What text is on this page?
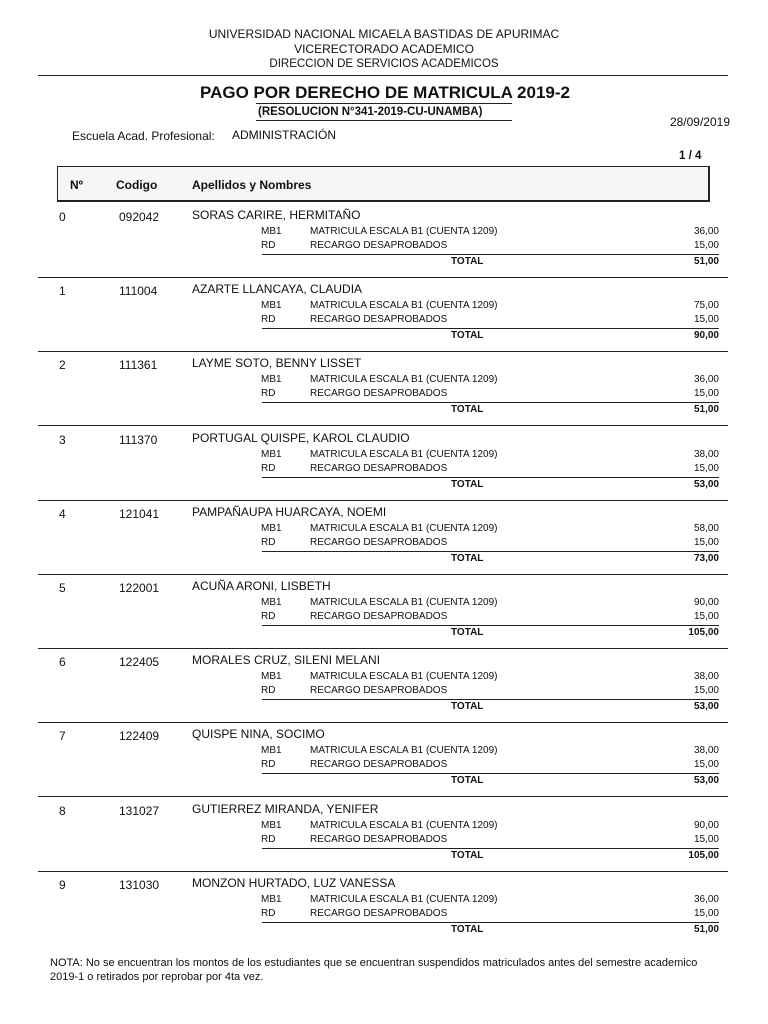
UNIVERSIDAD NACIONAL MICAELA BASTIDAS DE APURIMAC
VICERECTORADO ACADEMICO
DIRECCION DE SERVICIOS ACADEMICOS
PAGO POR DERECHO DE MATRICULA 2019-2
(RESOLUCION N°341-2019-CU-UNAMBA)
28/09/2019
Escuela Acad. Profesional: ADMINISTRACIÓN
1 / 4
Nº	Codigo	Apellidos y Nombres
0	092042	SORAS CARIRE, HERMITAÑO
MB1	MATRICULA ESCALA B1 (CUENTA 1209)	36,00
RD	RECARGO DESAPROBADOS	15,00
TOTAL	51,00
1	111004	AZARTE LLANCAYA, CLAUDIA
MB1	MATRICULA ESCALA B1 (CUENTA 1209)	75,00
RD	RECARGO DESAPROBADOS	15,00
TOTAL	90,00
2	111361	LAYME SOTO, BENNY LISSET
MB1	MATRICULA ESCALA B1 (CUENTA 1209)	36,00
RD	RECARGO DESAPROBADOS	15,00
TOTAL	51,00
3	111370	PORTUGAL QUISPE, KAROL CLAUDIO
MB1	MATRICULA ESCALA B1 (CUENTA 1209)	38,00
RD	RECARGO DESAPROBADOS	15,00
TOTAL	53,00
4	121041	PAMPAÑAUPA HUARCAYA, NOEMI
MB1	MATRICULA ESCALA B1 (CUENTA 1209)	58,00
RD	RECARGO DESAPROBADOS	15,00
TOTAL	73,00
5	122001	ACUÑA ARONI, LISBETH
MB1	MATRICULA ESCALA B1 (CUENTA 1209)	90,00
RD	RECARGO DESAPROBADOS	15,00
TOTAL	105,00
6	122405	MORALES CRUZ, SILENI MELANI
MB1	MATRICULA ESCALA B1 (CUENTA 1209)	38,00
RD	RECARGO DESAPROBADOS	15,00
TOTAL	53,00
7	122409	QUISPE NINA, SOCIMO
MB1	MATRICULA ESCALA B1 (CUENTA 1209)	38,00
RD	RECARGO DESAPROBADOS	15,00
TOTAL	53,00
8	131027	GUTIERREZ MIRANDA, YENIFER
MB1	MATRICULA ESCALA B1 (CUENTA 1209)	90,00
RD	RECARGO DESAPROBADOS	15,00
TOTAL	105,00
9	131030	MONZON HURTADO, LUZ VANESSA
MB1	MATRICULA ESCALA B1 (CUENTA 1209)	36,00
RD	RECARGO DESAPROBADOS	15,00
TOTAL	51,00
NOTA: No se encuentran los montos de los estudiantes que se encuentran suspendidos matriculados antes del semestre academico 2019-1 o retirados por reprobar por 4ta vez.
